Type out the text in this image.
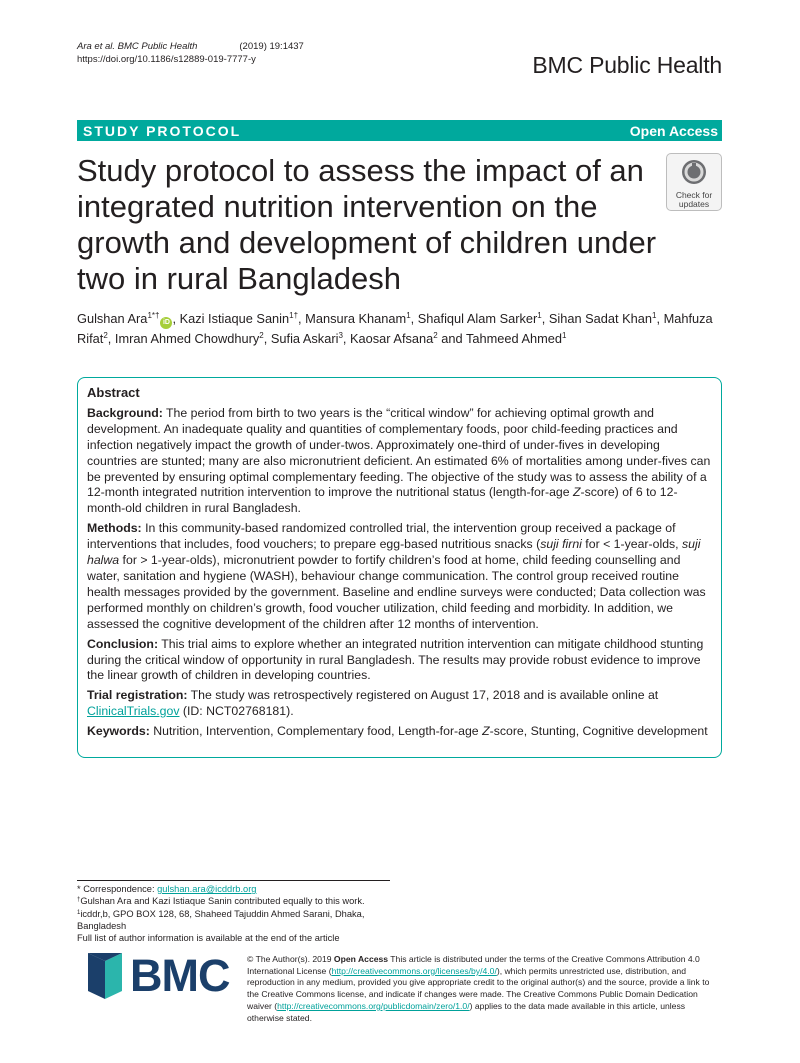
Ara et al. BMC Public Health	(2019) 19:1437
https://doi.org/10.1186/s12889-019-7777-y	BMC Public Health
STUDY PROTOCOL	Open Access
Study protocol to assess the impact of an integrated nutrition intervention on the growth and development of children under two in rural Bangladesh
Check for
updates
Gulshan Ara$^{1*\dagger}$iD , Kazi Istiaque Sanin$^{1\dagger}$, Mansura Khanam$^1$, Shafiqul Alam Sarker$^1$, Sihan Sadat Khan$^1$, Mahfuza Rifat$^2$, Imran Ahmed Chowdhury$^2$, Sufia Askari$^3$, Kaosar Afsana$^2$ and Tahmeed Ahmed$^1$
Abstract

Background: The period from birth to two years is the “critical window” for achieving optimal growth and development. An inadequate quality and quantities of complementary foods, poor child-feeding practices and infection negatively impact the growth of under-twos. Approximately one-third of under-fives in developing countries are stunted; many are also micronutrient deficient. An estimated 6% of mortalities among under-fives can be prevented by ensuring optimal complementary feeding. The objective of the study was to assess the ability of a 12-month integrated nutrition intervention to improve the nutritional status (length-for-age Z-score) of 6 to 12-month-old children in rural Bangladesh.

Methods: In this community-based randomized controlled trial, the intervention group received a package of interventions that includes, food vouchers; to prepare egg-based nutritious snacks (suji firni for < 1-year-olds, suji halwa for > 1-year-olds), micronutrient powder to fortify children’s food at home, child feeding counselling and water, sanitation and hygiene (WASH), behaviour change communication. The control group received routine health messages provided by the government. Baseline and endline surveys were conducted; Data collection was performed monthly on children’s growth, food voucher utilization, child feeding and morbidity. In addition, we assessed the cognitive development of the children after 12 months of intervention.

Conclusion: This trial aims to explore whether an integrated nutrition intervention can mitigate childhood stunting during the critical window of opportunity in rural Bangladesh. The results may provide robust evidence to improve the linear growth of children in developing countries.

Trial registration: The study was retrospectively registered on August 17, 2018 and is available online at ClinicalTrials.gov (ID: NCT02768181).

Keywords: Nutrition, Intervention, Complementary food, Length-for-age Z-score, Stunting, Cognitive development

* Correspondence: gulshan.ara@icddrb.org
†Gulshan Ara and Kazi Istiaque Sanin contributed equally to this work.
$^1$icddr,b, GPO BOX 128, 68, Shaheed Tajuddin Ahmed Sarani, Dhaka, Bangladesh
Full list of author information is available at the end of the article
BMC © The Author(s). 2019 Open Access This article is distributed under the terms of the Creative Commons Attribution 4.0 International License (http://creativecommons.org/licenses/by/4.0/), which permits unrestricted use, distribution, and reproduction in any medium, provided you give appropriate credit to the original author(s) and the source, provide a link to the Creative Commons license, and indicate if changes were made. The Creative Commons Public Domain Dedication waiver (http://creativecommons.org/publicdomain/zero/1.0/) applies to the data made available in this article, unless otherwise stated.
